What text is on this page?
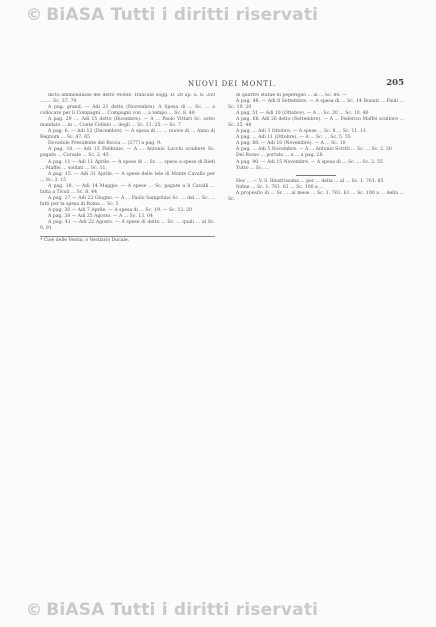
© BiASA Tutti i diritti riservati
NUOVI DEI MONTI.	205

dicto ammendasse del detto Monte, francato sogg. D. 28 ap. u. n. 350 ........ Sc. 37. 70

A pag. grand. — Adi 21 detto (Novembre). A Sposa di ... Sc. ... a collocare per li Compagni ... Compagni con ... a tempo ... Sc. 8. 40

A pag. 29 .... Adi 15 detto (Dicembre). — A ... Paolo Vitturi Sc. sotto mandato ... in ... Conte Cellulo ... degli ... Sc. 21. 25. — Sc. 7

A pag. 6. — Adi 12 (Decembre). — A spesa di ... ... nuove di ... Anno di Regnum ... Sc. 47. 65

Dovadole Presidente del Bocca ... (277) a pag. 9.

A pag. 10. — Adi 13 Febbraio. — A ... Antonio Lucchi scudiere Sc. pagate ... Corsale ... Sc. 2. 45

A pag. 11 — Adi 11 Aprile. — A spese di ... Sc. ... speso a spese di Rieti ... Maffei ... soldati ... Sc. 11.

A pag. 15. — Adi 31 Aprile. — A spese delle tele di Monte Cavallo per ... Sc. 3. 15

A pag. 18. — Adi 14 Maggio. — A spese ... Sc. pagate a li Cavalli ... fatta a Tivoli ... Sc. 8. 44

A pag. 27 — Adi 22 Giugno. — A ... Paolo Sampolino Sc. ... dal ... Sc. ... fatti per la spesa di Roma ... Sc. 5

A pag. 30 — Adi 7 Aprile. — A spesa di ... Sc. 19. — Sc. 12. 20

A pag. 38 — Adi 25 Agosto. — A ... Sc. 13. 04

A pag. 41 — Adi 22 Agosto. — A spese di detto ... Sc. ... quali ... al Sc. 9. 91

* Cioè delle Vestia, o Vestiario Ducale.

di quattro statue di peperigno ... al ... Sc. 80. —

A pag. 48. — Adi 8 Settembre. — A spesa di ... Sc. 14 Donati ... Pauli ... Sc. 19. 20

A pag. 51 — Adi 10 (Ottobre). — A ... Sc. 20 ... Sc. 10. 40

A pag. 66. Adi 26 detto (Settembre). — A ... Federico Maffei scultore ... Sc. 25. 48

A pag. ... Adi 3 Ottobre. — A spese ... Sc. 8 ... Sc. 11. 11

A pag. ... Adi 11 (Ottobre). — A ... Sc. ... Sc. 5. 55

A pag. 88. — Adi 10 (Novembre). — A ... Sc. 10

A pag. ... Adi 5 Novembre. — A ... Antonio Scritti ... Sc. ... Sc. 2. 20

Del Rosso ... portato ... a ... a pag. 28.

A pag. 90. — Adi 15 Novembre. — A spesa di ... Sc. ... Sc. 2. 55

Tutto ... Sc. ...

Hoc ... — V. S. Illustrissima ... per ... della ... al ... Sc. 1. 761. 85

Infine ... Sc. 1. 761. 61 ... Sc. 100 a ...

A proposito di ... Sc. ... al mese ... Sc. 1. 761. 61 ... Sc. 100 a ... della ... Sc.

© BiASA Tutti i diritti riservati
